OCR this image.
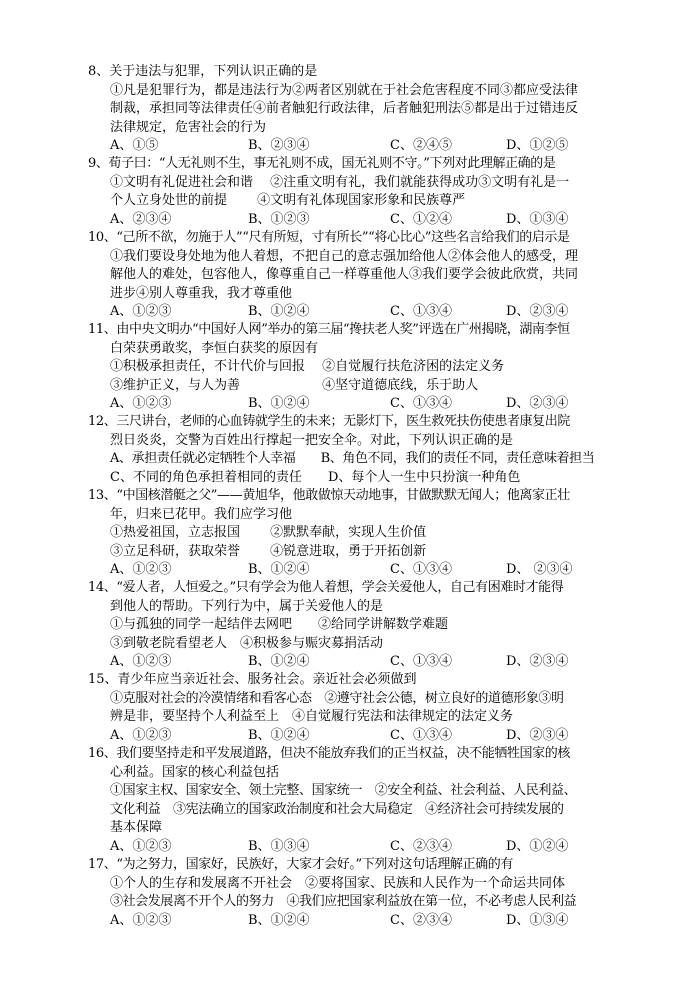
8、关于违法与犯罪，下列认识正确的是
①凡是犯罪行为，都是违法行为②两者区别就在于社会危害程度不同③都应受法律
制裁，承担同等法律责任④前者触犯行政法律，后者触犯刑法⑤都是出于过错违反
法律规定，危害社会的行为
A、①⑤	B、②③④	C、②④⑤	D、①②⑤
9、荀子曰：“人无礼则不生，事无礼则不成，国无礼则不守。”下列对此理解正确的是
①文明有礼促进社会和谐　 ②注重文明有礼，我们就能获得成功③文明有礼是一
个人立身处世的前提　　 ④文明有礼体现国家形象和民族尊严
A、②③④	B、①②③	C、①②④	D、①③④
10、“己所不欲，勿施于人”“尺有所短，寸有所长”“将心比心”这些名言给我们的启示是
①我们要设身处地为他人着想，不把自己的意志强加给他人②体会他人的感受，理
解他人的难处，包容他人，像尊重自己一样尊重他人③我们要学会彼此欣赏，共同
进步④别人尊重我，我才尊重他
A、①②③	B、①②④	C、①③④	D、②③④
11、由中央文明办“中国好人网”举办的第三届“搀扶老人奖”评选在广州揭晓，湖南李恒
白荣获勇敢奖，李恒白获奖的原因有
①积极承担责任，不计代价与回报　 ②自觉履行扶危济困的法定义务
③维护正义，与人为善　　　　　　 ④坚守道德底线，乐于助人
A、①②③	B、①②④	C、①③④	D、②③④
12、三尺讲台，老师的心血铸就学生的未来；无影灯下，医生救死扶伤使患者康复出院
烈日炎炎，交警为百姓出行撑起一把安全伞。对此，下列认识正确的是
A、承担责任就必定牺牲个人幸福　　B、角色不同，我们的责任不同，责任意味着担当
C、不同的角色承担着相同的责任　　D、每个人一生中只扮演一种角色
13、“中国核潜艇之父”——黄旭华，他敢做惊天动地事，甘做默默无闻人；他离家正壮
年，归来已花甲。我们应学习他
①热爱祖国，立志报国　　 ②默默奉献，实现人生价值
③立足科研，获取荣誉　　 ④锐意进取，勇于开拓创新
A、①②③	B、①②④	C、①③④	D、 ②③④
14、“爱人者，人恒爱之。”只有学会为他人着想，学会关爱他人，自己有困难时才能得
到他人的帮助。下列行为中，属于关爱他人的是
①与孤独的同学一起结伴去网吧　　②给同学讲解数学难题
③到敬老院看望老人　④积极参与赈灾募捐活动
A、①②③	B、①②④	C、①③④	D、②③④
15、青少年应当亲近社会、服务社会。亲近社会必须做到
①克服对社会的冷漠情绪和看客心态　②遵守社会公德，树立良好的道德形象③明
辨是非，要坚持个人利益至上　④自觉履行宪法和法律规定的法定义务
A、①②③	B、①②④	C、①③④	D、②③④
16、我们要坚持走和平发展道路，但决不能放弃我们的正当权益，决不能牺牲国家的核
心利益。国家的核心利益包括
①国家主权、国家安全、领土完整、国家统一　②安全利益、社会利益、人民利益、
文化利益　③宪法确立的国家政治制度和社会大局稳定　④经济社会可持续发展的
基本保障
A、①②③	B、①③④	C、②③④	D、①②④
17、“为之努力，国家好，民族好，大家才会好。”下列对这句话理解正确的有
①个人的生存和发展离不开社会　②要将国家、民族和人民作为一个命运共同体
③社会发展离不开个人的努力　④我们应把国家利益放在第一位，不必考虑人民利益
A、①②③	B、①②④	C、②③④	D、①③④
